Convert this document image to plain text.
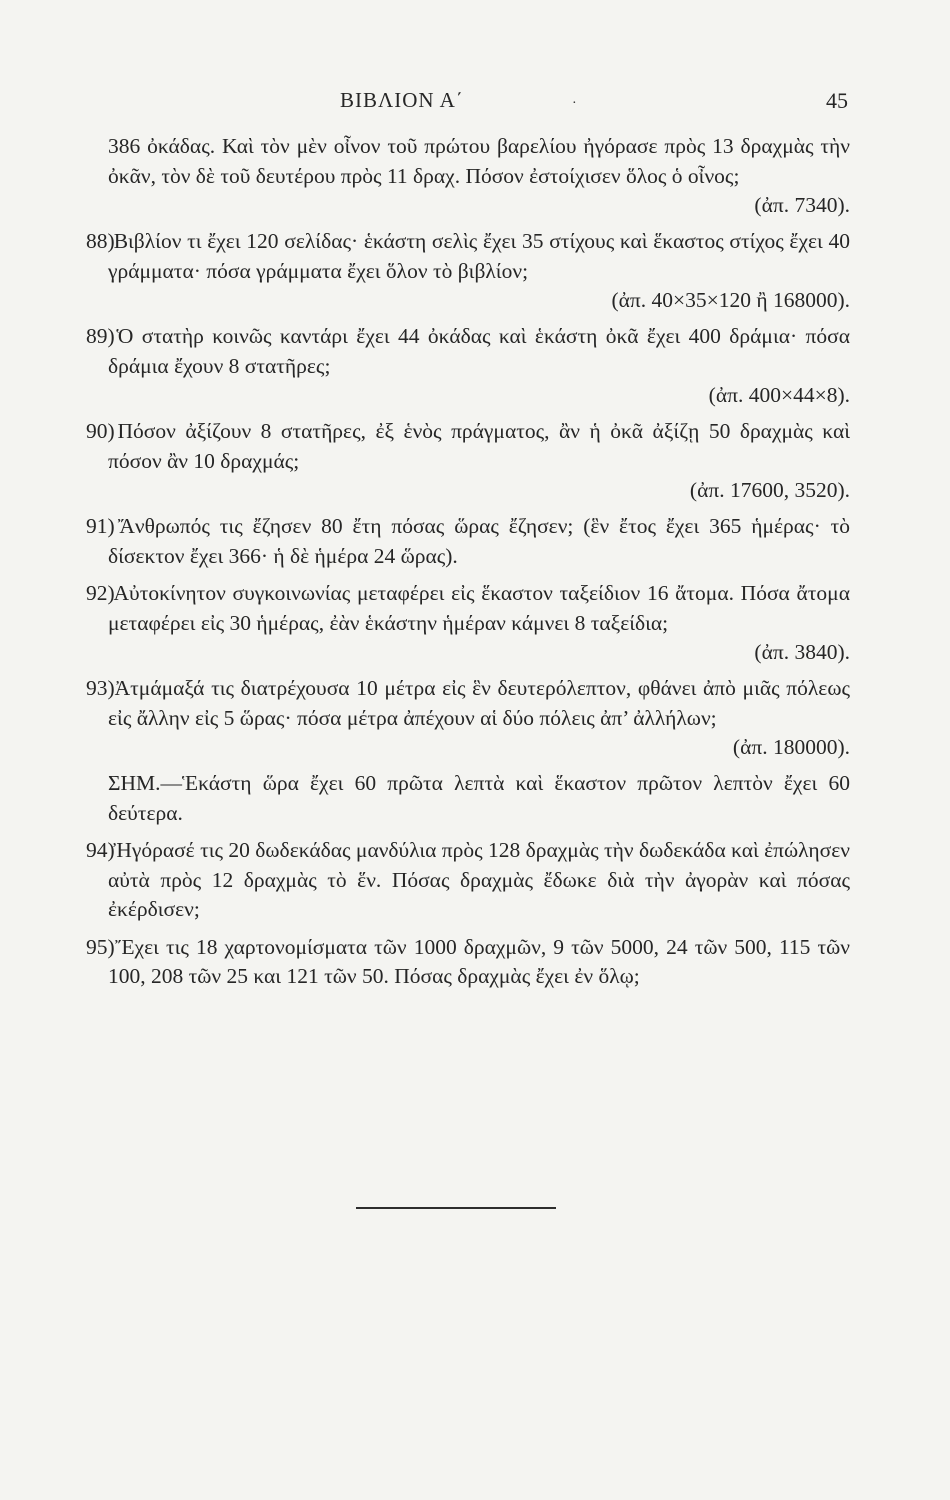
ΒΙΒΛΙΟΝ Α΄	·	45
386 ὀκάδας. Καὶ τὸν μὲν οἶνον τοῦ πρώτου βαρελίου ἠγόρασε πρὸς 13 δραχμὰς τὴν ὀκᾶν, τὸν δὲ τοῦ δευτέρου πρὸς 11 δραχ. Πόσον ἐστοίχισεν ὅλος ὁ οἶνος;
(ἀπ. 7340).
88) Βιβλίον τι ἔχει 120 σελίδας· ἑκάστη σελὶς ἔχει 35 στίχους καὶ ἕκαστος στίχος ἔχει 40 γράμματα· πόσα γράμματα ἔχει ὅλον τὸ βιβλίον;
(ἀπ. 40×35×120 ἢ 168000).
89) Ὁ στατὴρ κοινῶς καντάρι ἔχει 44 ὀκάδας καὶ ἑκάστη ὀκᾶ ἔχει 400 δράμια· πόσα δράμια ἔχουν 8 στατῆρες;
(ἀπ. 400×44×8).
90) Πόσον ἀξίζουν 8 στατῆρες, ἐξ ἑνὸς πράγματος, ἂν ἡ ὀκᾶ ἀξίζῃ 50 δραχμὰς καὶ πόσον ἂν 10 δραχμάς;
(ἀπ. 17600, 3520).
91) Ἄνθρωπός τις ἔζησεν 80 ἔτη πόσας ὥρας ἔζησεν; (ἓν ἔτος ἔχει 365 ἡμέρας· τὸ δίσεκτον ἔχει 366· ἡ δὲ ἡμέρα 24 ὥρας).
92) Αὐτοκίνητον συγκοινωνίας μεταφέρει εἰς ἕκαστον ταξείδιον 16 ἄτομα. Πόσα ἄτομα μεταφέρει εἰς 30 ἡμέρας, ἐὰν ἑκάστην ἡμέραν κάμνει 8 ταξείδια;
(ἀπ. 3840).
93) Ἀτμάμαξά τις διατρέχουσα 10 μέτρα εἰς ἓν δευτερόλεπτον, φθάνει ἀπὸ μιᾶς πόλεως εἰς ἄλλην εἰς 5 ὥρας· πόσα μέτρα ἀπέχουν αἱ δύο πόλεις ἀπ’ ἀλλήλων;
(ἀπ. 180000).
ΣΗΜ.—Ἑκάστη ὥρα ἔχει 60 πρῶτα λεπτὰ καὶ ἕκαστον πρῶτον λεπτὸν ἔχει 60 δεύτερα.
94) Ἠγόρασέ τις 20 δωδεκάδας μανδύλια πρὸς 128 δραχμὰς τὴν δωδεκάδα καὶ ἐπώλησεν αὐτὰ πρὸς 12 δραχμὰς τὸ ἕν. Πόσας δραχμὰς ἔδωκε διὰ τὴν ἀγορὰν καὶ πόσας ἐκέρδισεν;
95) Ἔχει τις 18 χαρτονομίσματα τῶν 1000 δραχμῶν, 9 τῶν 5000, 24 τῶν 500, 115 τῶν 100, 208 τῶν 25 και 121 τῶν 50. Πόσας δραχμὰς ἔχει ἐν ὅλῳ;
